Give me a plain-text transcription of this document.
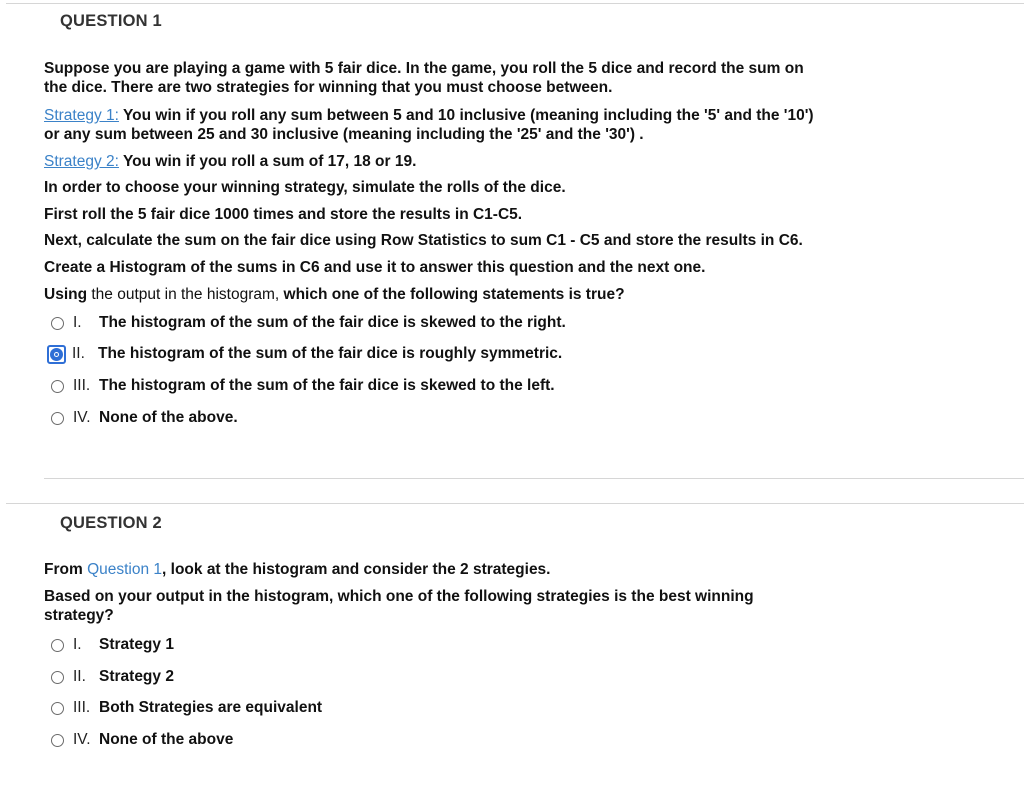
QUESTION 1
Suppose you are playing a game with 5 fair dice. In the game, you roll the 5 dice and record the sum on
the dice. There are two strategies for winning that you must choose between.
Strategy 1: You win if you roll any sum between 5 and 10 inclusive (meaning including the '5' and the '10')
or any sum between 25 and 30 inclusive (meaning including the '25' and the '30') .
Strategy 2: You win if you roll a sum of 17, 18 or 19.
In order to choose your winning strategy, simulate the rolls of the dice.
First roll the 5 fair dice 1000 times and store the results in C1-C5.
Next, calculate the sum on the fair dice using Row Statistics to sum C1 - C5 and store the results in C6.
Create a Histogram of the sums in C6 and use it to answer this question and the next one.
Using the output in the histogram, which one of the following statements is true?
I.	The histogram of the sum of the fair dice is skewed to the right.
II. The histogram of the sum of the fair dice is roughly symmetric.
III. The histogram of the sum of the fair dice is skewed to the left.
IV. None of the above.
QUESTION 2
From Question 1, look at the histogram and consider the 2 strategies.
Based on your output in the histogram, which one of the following strategies is the best winning
strategy?
I.	Strategy 1
II. Strategy 2
III. Both Strategies are equivalent
IV. None of the above
